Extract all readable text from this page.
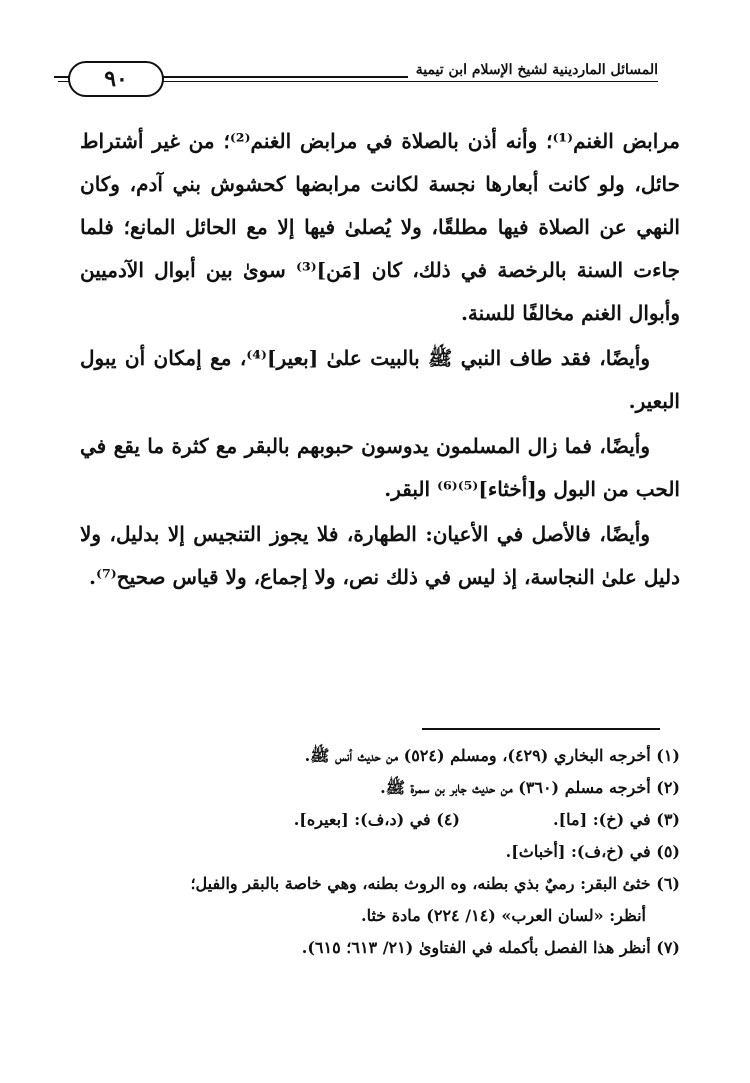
المسائل الماردينية لشيخ الإسلام ابن تيمية
٩٠

مرابض الغنم⁽¹⁾؛ وأنه أذن بالصلاة في مرابض الغنم⁽²⁾؛ من غير أشتراط حائل، ولو كانت أبعارها نجسة لكانت مرابضها كحشوش بني آدم، وكان النهي عن الصلاة فيها مطلقًا، ولا يُصلىٰ فيها إلا مع الحائل المانع؛ فلما جاءت السنة بالرخصة في ذلك، كان [مَن]⁽³⁾ سوىٰ بين أبوال الآدميين وأبوال الغنم مخالفًا للسنة.

وأيضًا، فقد طاف النبي ﷺ بالبيت علىٰ [بعير]⁽⁴⁾، مع إمكان أن يبول البعير.

وأيضًا، فما زال المسلمون يدوسون حبوبهم بالبقر مع كثرة ما يقع في الحب من البول و[أخثاء]⁽⁵⁾⁽⁶⁾ البقر.

وأيضًا، فالأصل في الأعيان: الطهارة، فلا يجوز التنجيس إلا بدليل، ولا دليل علىٰ النجاسة، إذ ليس في ذلك نص، ولا إجماع، ولا قياس صحيح⁽⁷⁾.

(١) أخرجه البخاري (٤٢٩)، ومسلم (٥٢٤) من حديث أنس ﷺ.
(٢) أخرجه مسلم (٣٦٠) من حديث جابر بن سمرة ﷺ.
(٣) في (خ): [ما].
(٤) في (د،ف): [بعيره].
(٥) في (خ،ف): [أخباث].
(٦) خثئ البقر: رميٌ بذي بطنه، وه الروث بطنه، وهي خاصة بالبقر والفيل؛
أنظر: «لسان العرب» (١٤/ ٢٢٤) مادة خثا.
(٧) أنظر هذا الفصل بأكمله في الفتاوىٰ (٢١/ ٦١٣؛ ٦١٥).
